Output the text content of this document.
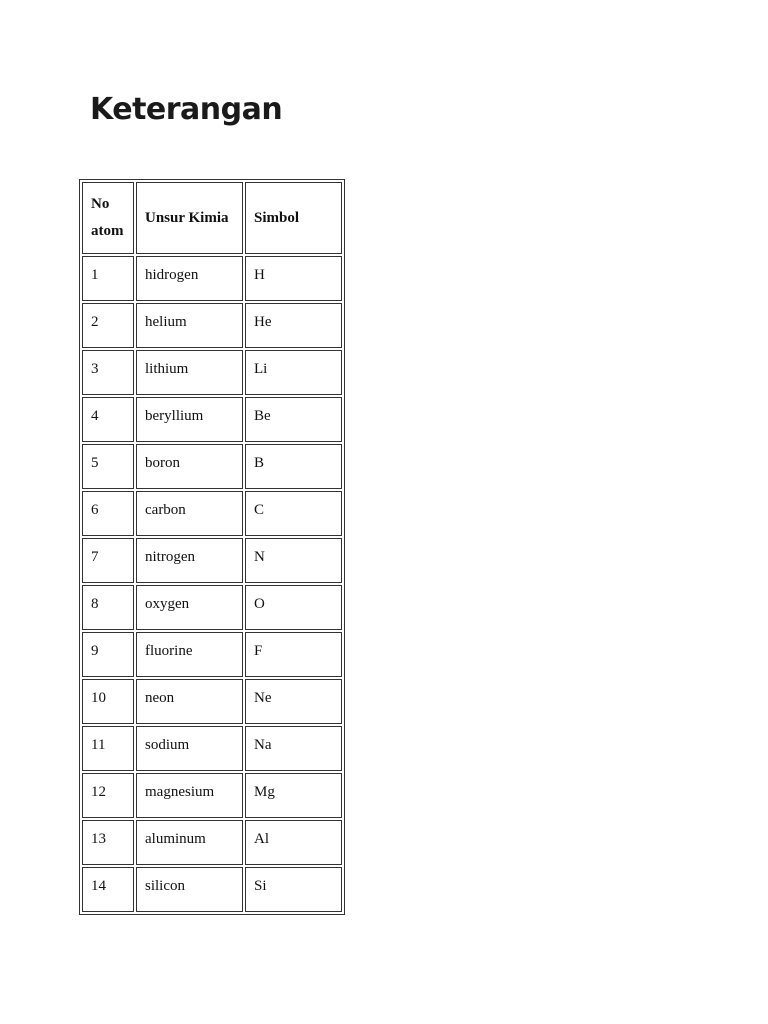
Keterangan
No atom	Unsur Kimia	Simbol
1	hidrogen	H
2	helium	He
3	lithium	Li
4	beryllium	Be
5	boron	B
6	carbon	C
7	nitrogen	N
8	oxygen	O
9	fluorine	F
10	neon	Ne
11	sodium	Na
12	magnesium	Mg
13	aluminum	Al
14	silicon	Si
